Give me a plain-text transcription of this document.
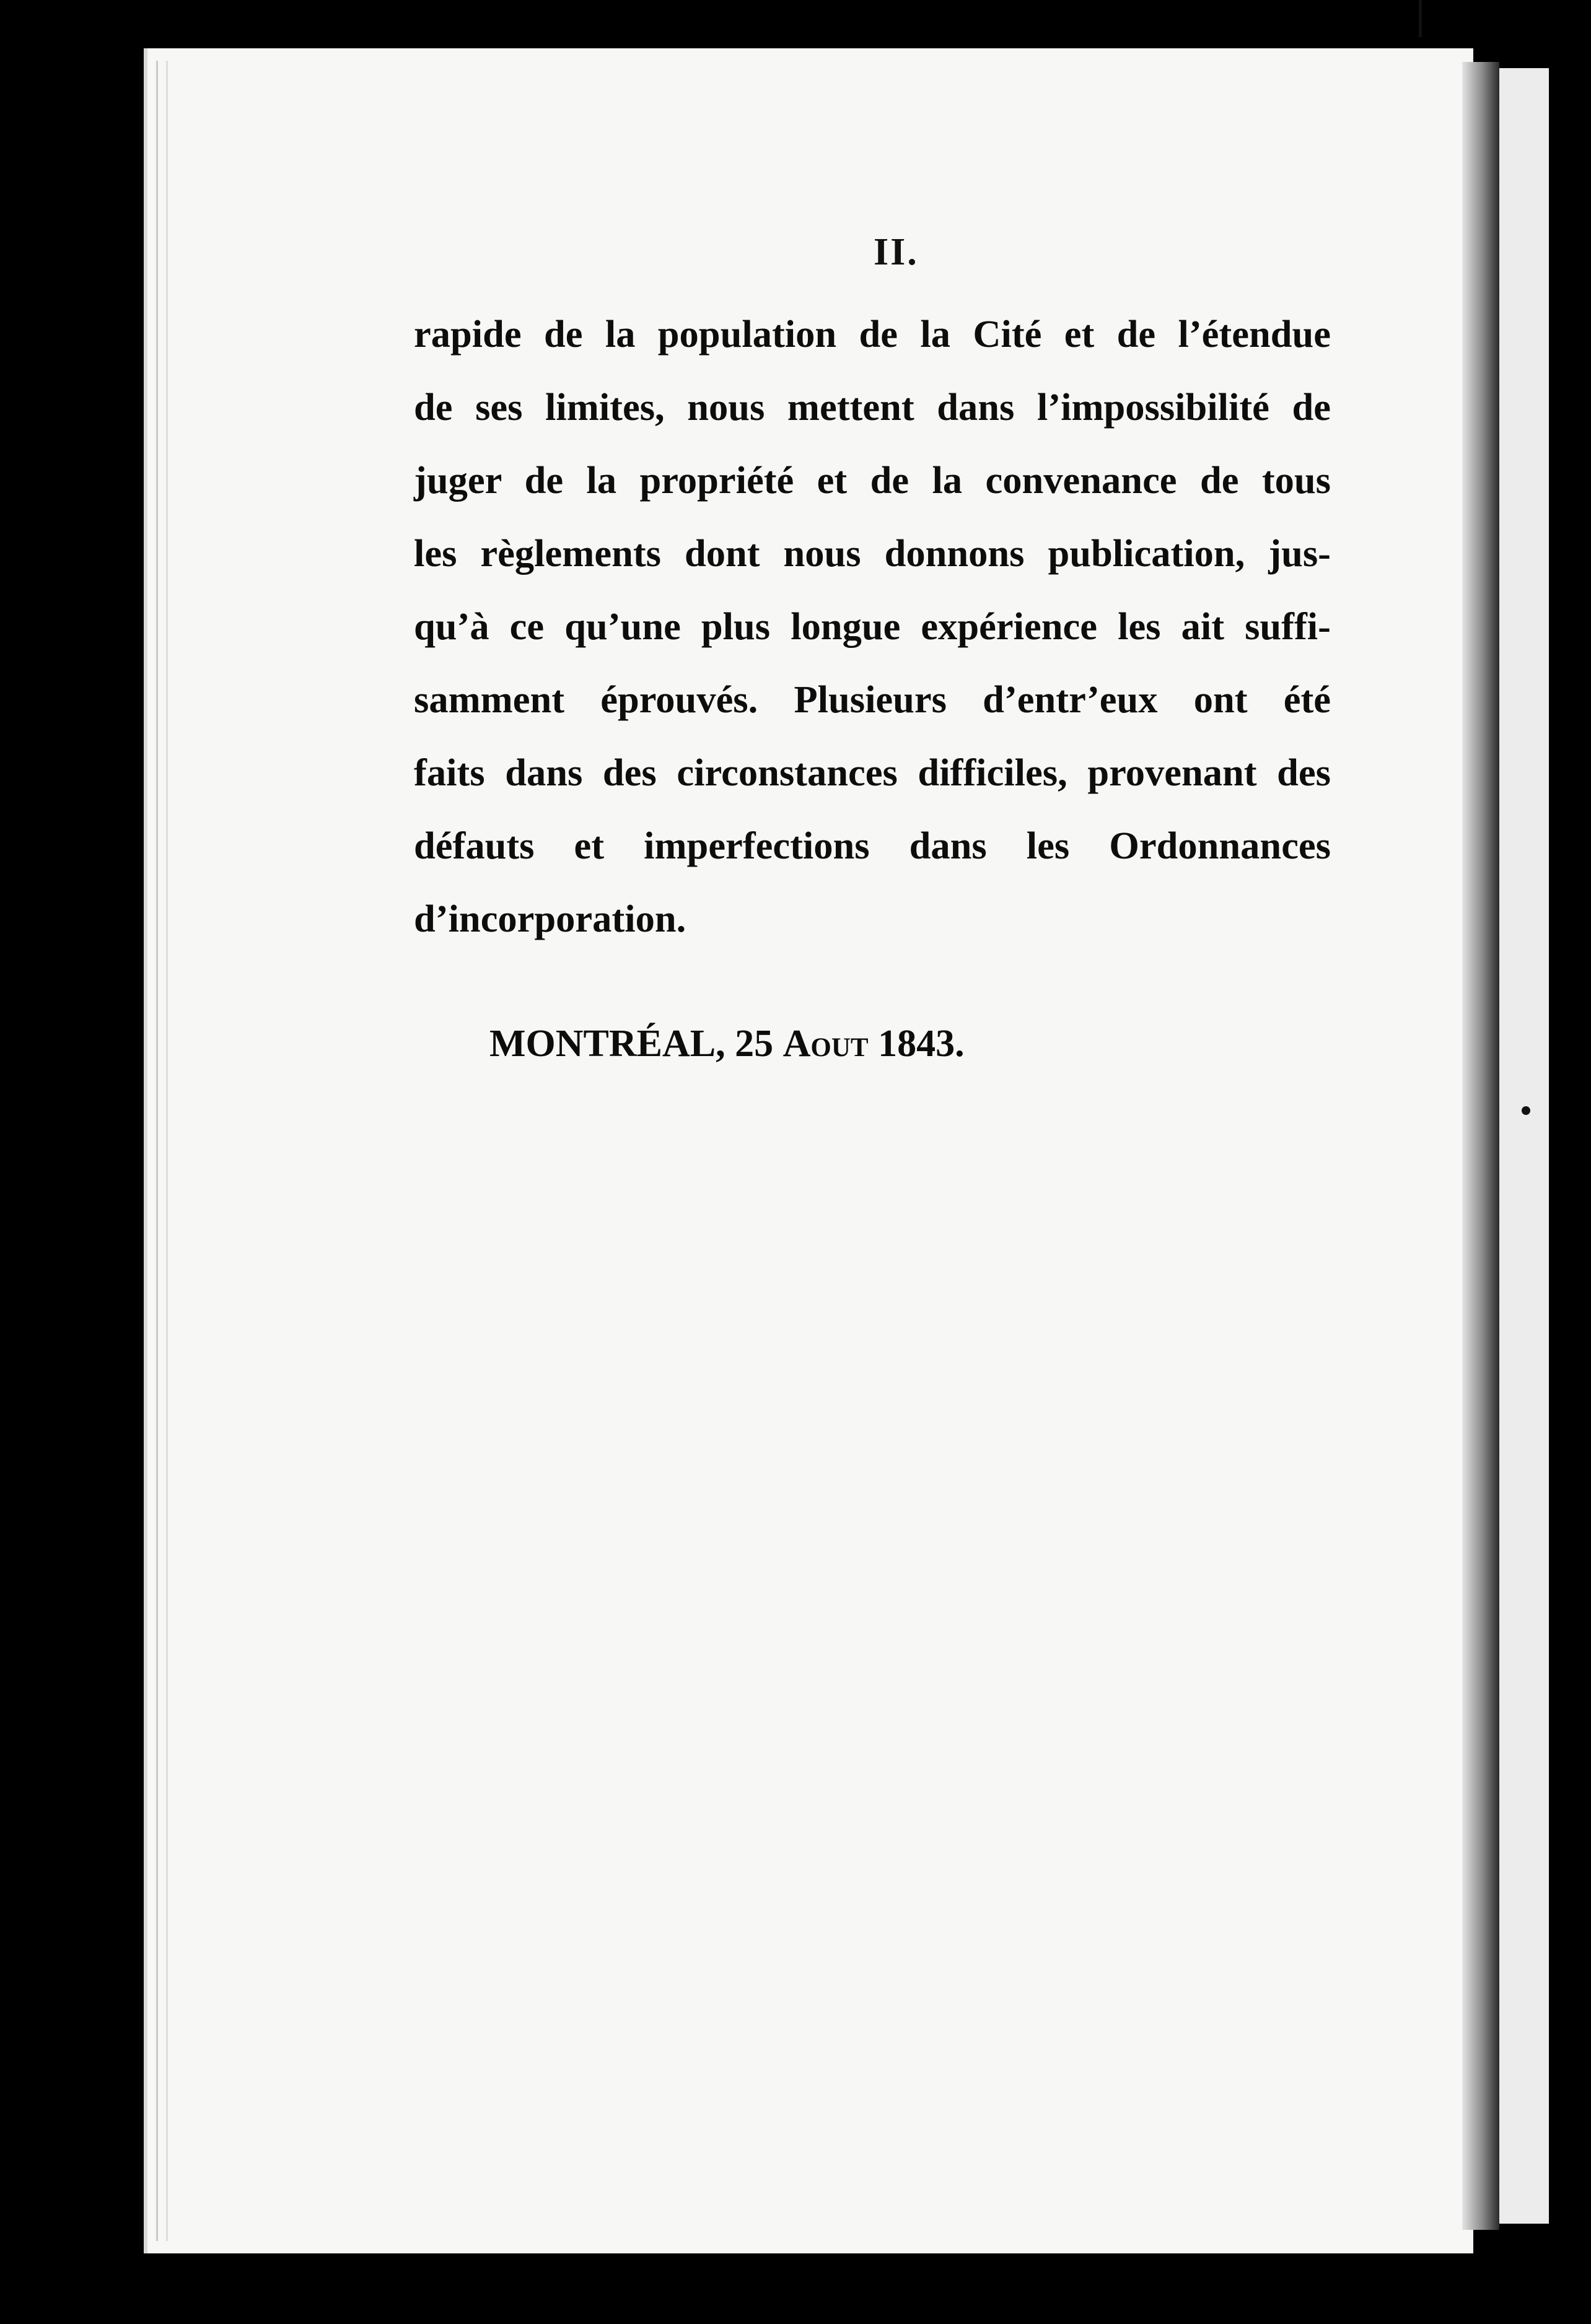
II.
rapide de la population de la Cité et de l’étendue
de ses limites, nous mettent dans l’impossibilité de
juger de la propriété et de la convenance de tous
les règlements dont nous donnons publication, jus-
qu’à ce qu’une plus longue expérience les ait suffi-
samment éprouvés. Plusieurs d’entr’eux ont été
faits dans des circonstances difficiles, provenant des
défauts et imperfections dans les Ordonnances
d’incorporation.
MONTRÉAL, 25 Aout 1843.
